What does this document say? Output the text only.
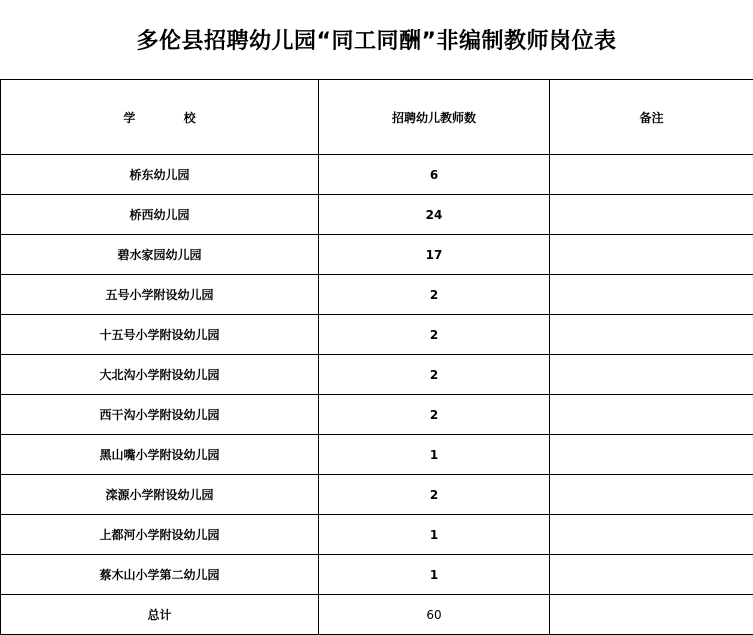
多伦县招聘幼儿园“同工同酬”非编制教师岗位表
学 校	招聘幼儿教师数	备注
桥东幼儿园	6	
桥西幼儿园	24	
碧水家园幼儿园	17	
五号小学附设幼儿园	2	
十五号小学附设幼儿园	2	
大北沟小学附设幼儿园	2	
西干沟小学附设幼儿园	2	
黑山嘴小学附设幼儿园	1	
滦源小学附设幼儿园	2	
上都河小学附设幼儿园	1	
蔡木山小学第二幼儿园	1	
总计	60	
